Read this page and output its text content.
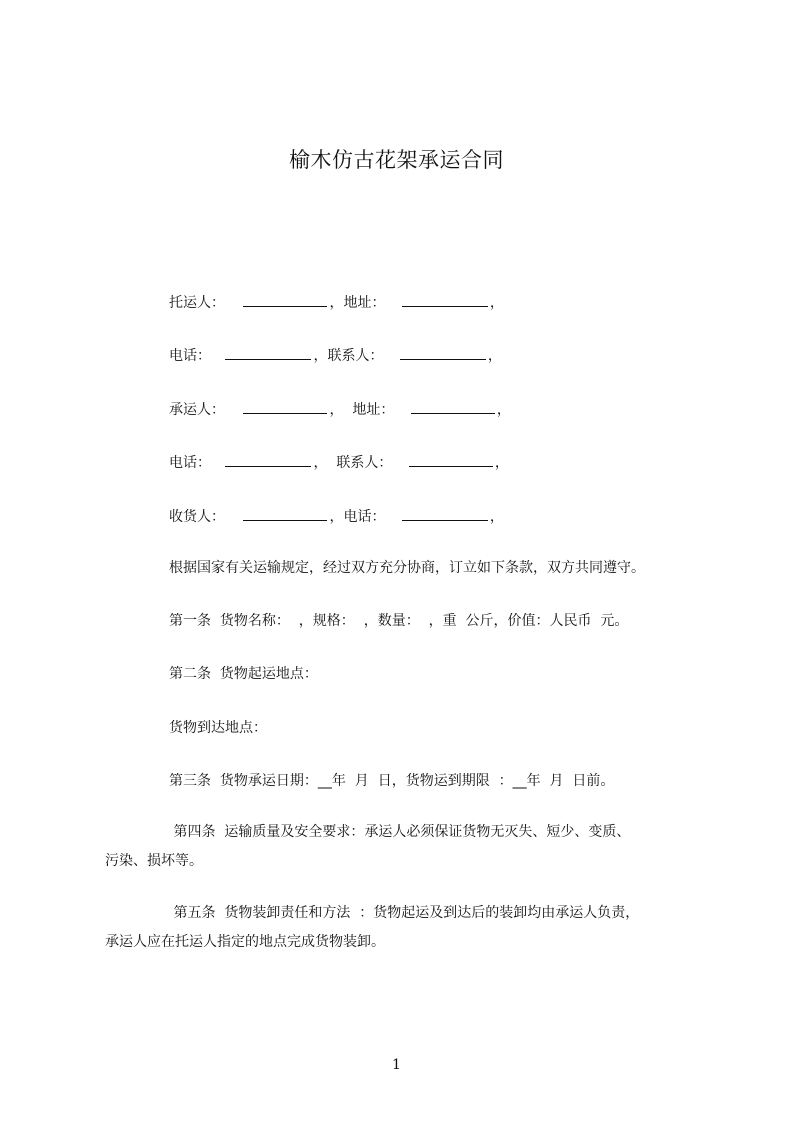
榆木仿古花架承运合同
托运人：	，地址：	，
电话：	，联系人：	，
承运人：	，  地址：	，
电话：	，  联系人：	，
收货人：	，电话：	，
根据国家有关运输规定，经过双方充分协商，订立如下条款，双方共同遵守。
第一条  货物名称：  ，规格：  ，数量：  ，重  公斤，价值：人民币  元。
第二条  货物起运地点：
货物到达地点：
第三条  货物承运日期：__年  月  日，货物运到期限  ：__年  月  日前。
第四条  运输质量及安全要求：承运人必须保证货物无灭失、短少、变质、
污染、损坏等。
第五条  货物装卸责任和方法  ：货物起运及到达后的装卸均由承运人负责，
承运人应在托运人指定的地点完成货物装卸。
1
